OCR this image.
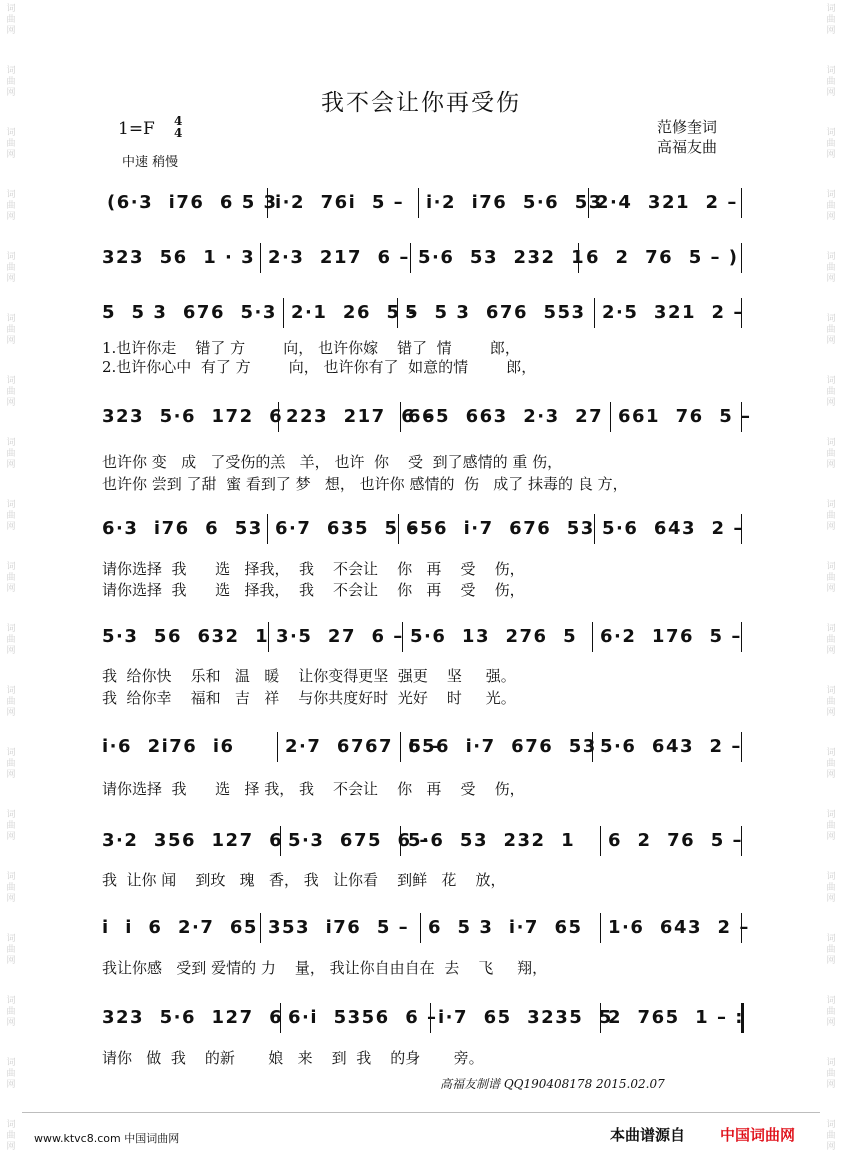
词曲网
词曲网
词曲网
词曲网
词曲网
词曲网
词曲网
词曲网
词曲网
词曲网
词曲网
词曲网
词曲网
词曲网
词曲网
词曲网
词曲网
词曲网
词曲网
词曲网
词曲网
词曲网
词曲网
词曲网
词曲网
词曲网
词曲网
词曲网
词曲网
词曲网
词曲网
词曲网
词曲网
词曲网
词曲网
词曲网
词曲网
词曲网
我不会让你再受伤
1=F 4
4
中速 稍慢
范修奎词
高福友曲
(6·3  i76  6 5 3
i·2  76i  5 – i·2  i76  5·6  53
2·4  321  2 –
323  56  1 · 3 2·3  217  6 – 5·6  53  232  1 6  2  76  5 – )
5  5 3  676  5·3 2·1  26  5 –
5  5 3  676  553 2·5  321  2 –
323  5·6  172  6 223  217  6 –
665  663  2·3  27 661  76  5 –
6·3  i76  6  53 6·7  635  5 –
656  i·7  676  53 5·6  643  2 –
5·3  56  632  1 3·5  27  6 – 5·6  13  276  5 6·2  176  5 –
i·6  2i76  i6	2·7  6767  5 –
656  i·7  676  53 5·6  643  2 –
3·2  356  127  6 5·3  675  6 –
5·6  53  232  1 6  2  76  5 –
i  i  6  2·7  65 353  i76  5 – 6  5 3  i·7  65 1·6  643  2 –
323  5·6  127  6 6·i  5356  6 – i·7  65  3235  5
2  765  1 – :
1.也许你走    错了 方        向， 也许你嫁    错了  情        郎，
2.也许你心中  有了 方        向， 也许你有了  如意的情        郎，
也许你 变   成   了受伤的羔   羊， 也许  你    受  到了感情的 重 伤，
也许你 尝到 了甜  蜜 看到了 梦   想， 也许你 感情的  伤   成了 抹毒的 良 方，
请你选择  我      选   择我，  我    不会让    你   再    受    伤，
请你选择  我      选   择我，  我    不会让    你   再    受    伤，
我  给你快    乐和   温   暖    让你变得更坚  强更    坚     强。
我  给你幸    福和   吉   祥    与你共度好时  光好    时     光。
请你选择  我      选   择 我， 我    不会让    你   再    受    伤，
我  让你 闻    到玫   瑰   香， 我   让你看    到鲜   花    放，
我让你感   受到 爱情的 力    量， 我让你自由自在  去    飞     翔，
请你   做  我    的新       娘   来    到  我    的身       旁。
高福友制谱 QQ190408178 2015.02.07
www.ktvc8.com 中国词曲网	本曲谱源自 中国词曲网
